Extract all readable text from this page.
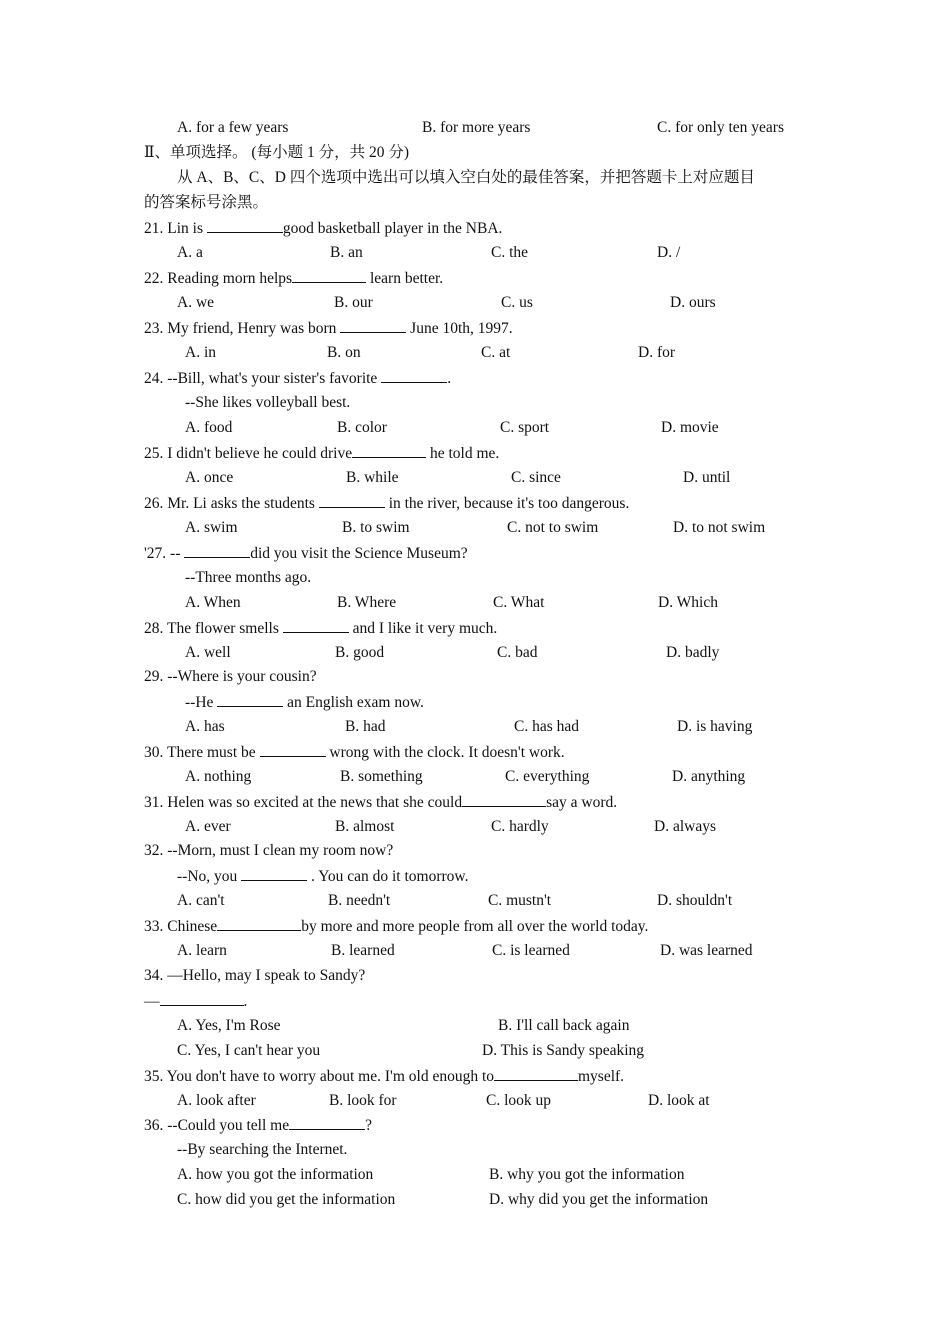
A. for a few years	B. for more years	C. for only ten years
Ⅱ、单项选择。 (每小题 1 分，共 20 分)
从 A、B、C、D 四个选项中选出可以填入空白处的最佳答案，并把答题卡上对应题目
的答案标号涂黑。
21. Lin is	good basketball player in the NBA.
A. a	B. an	C. the	D. /
22. Reading morn helps	learn better.
A. we	B. our	C. us	D. ours
23. My friend, Henry was born	June 10th, 1997.
A. in	B. on	C. at	D. for
24. --Bill, what's your sister's favorite	.
--She likes volleyball best.
A. food	B. color	C. sport	D. movie
25. I didn't believe he could drive	he told me.
A. once	B. while	C. since	D. until
26. Mr. Li asks the students	in the river, because it's too dangerous.
A. swim	B. to swim	C. not to swim	D. to not swim
'27. --	did you visit the Science Museum?
--Three months ago.
A. When	B. Where	C. What	D. Which
28. The flower smells	and I like it very much.
A. well	B. good	C. bad	D. badly
29. --Where is your cousin?
--He	an English exam now.
A. has	B. had	C. has had	D. is having
30. There must be	wrong with the clock. It doesn't work.
A. nothing	B. something	C. everything	D. anything
31. Helen was so excited at the news that she could	say a word.
A. ever	B. almost	C. hardly	D. always
32. --Morn, must I clean my room now?
--No, you	. You can do it tomorrow.
A. can't	B. needn't	C. mustn't	D. shouldn't
33. Chinese	by more and more people from all over the world today.
A. learn	B. learned	C. is learned	D. was learned
34. —Hello, may I speak to Sandy?
—	.
A. Yes, I'm Rose	B. I'll call back again
C. Yes, I can't hear you	D. This is Sandy speaking
35. You don't have to worry about me. I'm old enough to	myself.
A. look after	B. look for	C. look up	D. look at
36. --Could you tell me	?
--By searching the Internet.
A. how you got the information	B. why you got the information
C. how did you get the information	D. why did you get the information
